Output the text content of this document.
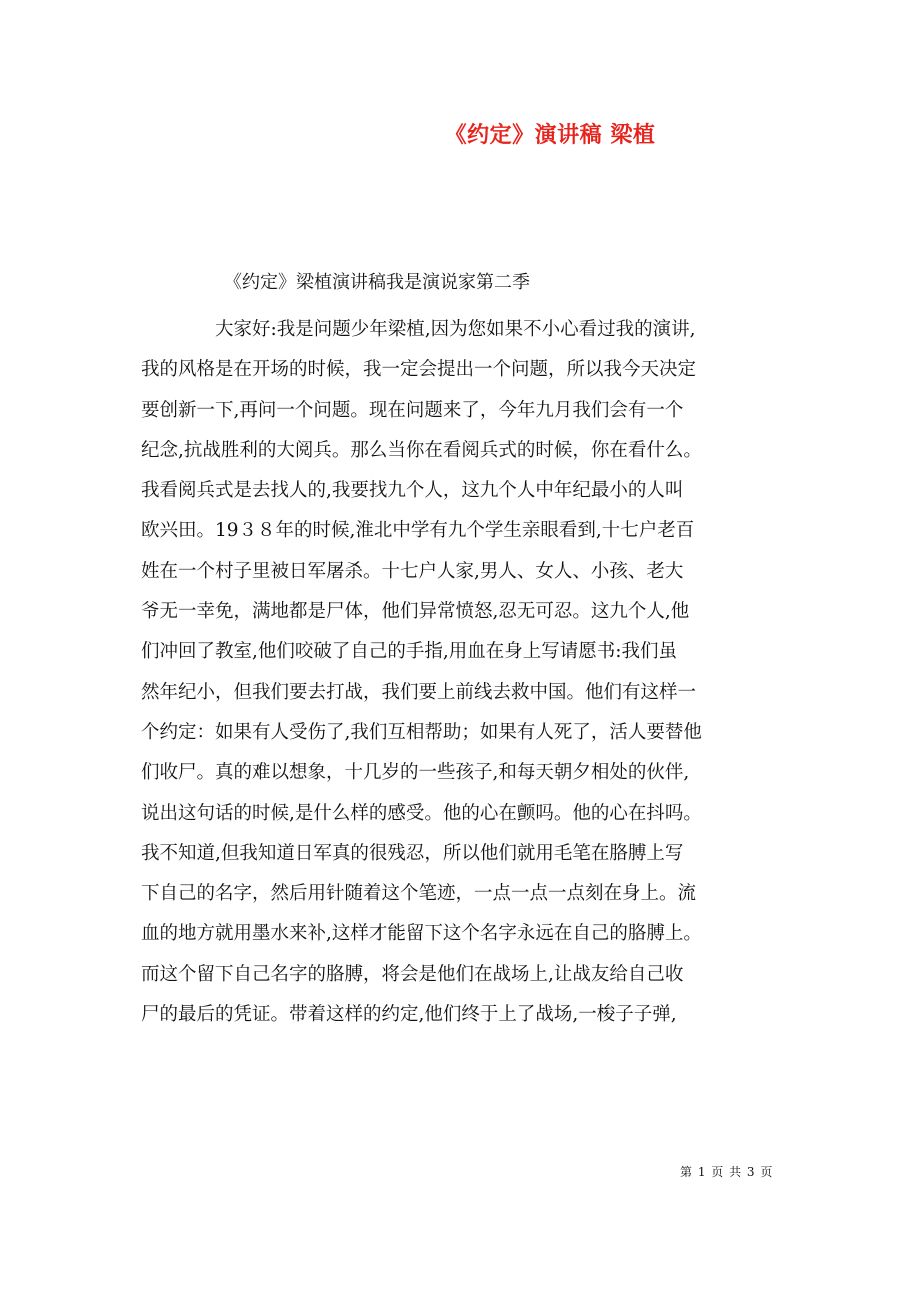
《约定》演讲稿 梁植
《约定》梁植演讲稿我是演说家第二季
大家好:我是问题少年梁植,因为您如果不小心看过我的演讲,
我的风格是在开场的时候，我一定会提出一个问题，所以我今天决定
要创新一下,再问一个问题。现在问题来了，今年九月我们会有一个
纪念,抗战胜利的大阅兵。那么当你在看阅兵式的时候，你在看什么。
我看阅兵式是去找人的,我要找九个人，这九个人中年纪最小的人叫
欧兴田。19３８年的时候,淮北中学有九个学生亲眼看到,十七户老百
姓在一个村子里被日军屠杀。十七户人家,男人、女人、小孩、老大
爷无一幸免，满地都是尸体，他们异常愤怒,忍无可忍。这九个人,他
们冲回了教室,他们咬破了自己的手指,用血在身上写请愿书:我们虽
然年纪小，但我们要去打战，我们要上前线去救中国。他们有这样一
个约定：如果有人受伤了,我们互相帮助；如果有人死了，活人要替他
们收尸。真的难以想象，十几岁的一些孩子,和每天朝夕相处的伙伴,
说出这句话的时候,是什么样的感受。他的心在颤吗。他的心在抖吗。
我不知道,但我知道日军真的很残忍，所以他们就用毛笔在胳膊上写
下自己的名字，然后用针随着这个笔迹，一点一点一点刻在身上。流
血的地方就用墨水来补,这样才能留下这个名字永远在自己的胳膊上。
而这个留下自己名字的胳膊，将会是他们在战场上,让战友给自己收
尸的最后的凭证。带着这样的约定,他们终于上了战场,一梭子子弹,
第 1 页 共 3 页
